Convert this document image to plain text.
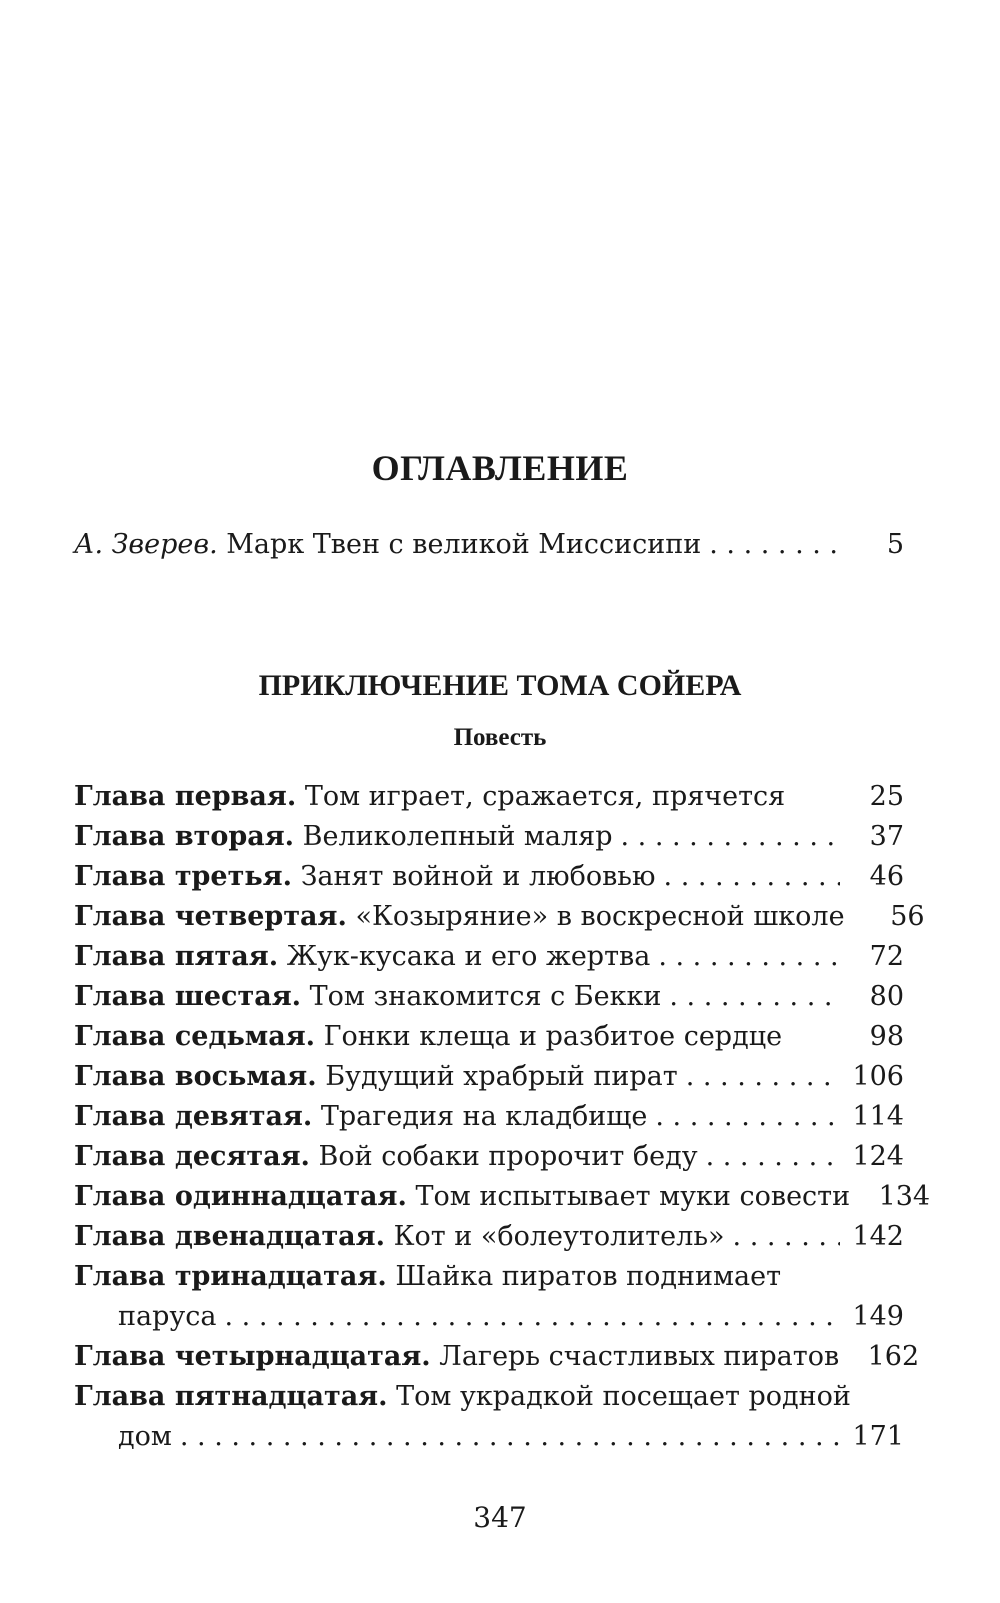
ОГЛАВЛЕНИЕ
А. Зверев. Марк Твен с великой Миссисипи . . .	5
ПРИКЛЮЧЕНИЕ ТОМА СОЙЕРА
Повесть
Глава первая. Том играет, сражается, прячется	25
Глава вторая. Великолепный маляр . . .	37
Глава третья. Занят войной и любовью . . .	46
Глава четвертая. «Козыряние» в воскресной школе	56
Глава пятая. Жук-кусака и его жертва . . .	72
Глава шестая. Том знакомится с Бекки . . .	80
Глава седьмая. Гонки клеща и разбитое сердце	98
Глава восьмая. Будущий храбрый пират . . .	106
Глава девятая. Трагедия на кладбище . . .	114
Глава десятая. Вой собаки пророчит беду . . .	124
Глава одиннадцатая. Том испытывает муки совести	134
Глава двенадцатая. Кот и «болеутолитель» . . .	142
Глава тринадцатая. Шайка пиратов поднимает
паруса . . .	149
Глава четырнадцатая. Лагерь счастливых пиратов	162
Глава пятнадцатая. Том украдкой посещает родной
дом . . .	171
347
